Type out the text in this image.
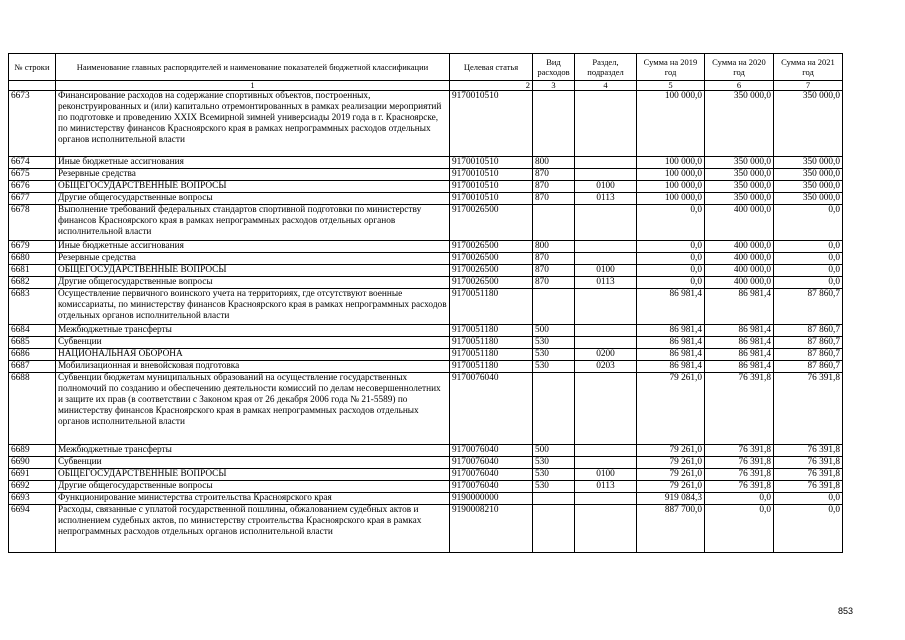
№ строки	Наименование главных распорядителей и наименование показателей бюджетной классификации	Целевая статья	Вид расходов	Раздел, подраздел	Сумма на 2019 год	Сумма на 2020 год	Сумма на 2021 год
	1	2	3	4	5	6	7
6673	Финансирование расходов на содержание спортивных объектов, построенных, реконструированных и (или) капитально отремонтированных в рамках реализации мероприятий по подготовке и проведению XXIX Всемирной зимней универсиады 2019 года в г. Красноярске, по министерству финансов Красноярского края в рамках непрограммных расходов отдельных органов исполнительной власти	9170010510			100 000,0	350 000,0	350 000,0
6674	Иные бюджетные ассигнования	9170010510	800		100 000,0	350 000,0	350 000,0
6675	Резервные средства	9170010510	870		100 000,0	350 000,0	350 000,0
6676	ОБЩЕГОСУДАРСТВЕННЫЕ ВОПРОСЫ	9170010510	870	0100	100 000,0	350 000,0	350 000,0
6677	Другие общегосударственные вопросы	9170010510	870	0113	100 000,0	350 000,0	350 000,0
6678	Выполнение требований федеральных стандартов спортивной подготовки по министерству финансов Красноярского края в рамках непрограммных расходов отдельных органов исполнительной власти	9170026500			0,0	400 000,0	0,0
6679	Иные бюджетные ассигнования	9170026500	800		0,0	400 000,0	0,0
6680	Резервные средства	9170026500	870		0,0	400 000,0	0,0
6681	ОБЩЕГОСУДАРСТВЕННЫЕ ВОПРОСЫ	9170026500	870	0100	0,0	400 000,0	0,0
6682	Другие общегосударственные вопросы	9170026500	870	0113	0,0	400 000,0	0,0
6683	Осуществление первичного воинского учета на территориях, где отсутствуют военные комиссариаты, по министерству финансов Красноярского края в рамках непрограммных расходов отдельных органов исполнительной власти	9170051180			86 981,4	86 981,4	87 860,7
6684	Межбюджетные трансферты	9170051180	500		86 981,4	86 981,4	87 860,7
6685	Субвенции	9170051180	530		86 981,4	86 981,4	87 860,7
6686	НАЦИОНАЛЬНАЯ ОБОРОНА	9170051180	530	0200	86 981,4	86 981,4	87 860,7
6687	Мобилизационная и вневойсковая подготовка	9170051180	530	0203	86 981,4	86 981,4	87 860,7
6688	Субвенции бюджетам муниципальных образований на осуществление государственных полномочий по созданию и обеспечению деятельности комиссий по делам несовершеннолетних и защите их прав (в соответствии с Законом края от 26 декабря 2006 года № 21-5589) по министерству финансов Красноярского края в рамках непрограммных расходов отдельных органов исполнительной власти	9170076040			79 261,0	76 391,8	76 391,8
6689	Межбюджетные трансферты	9170076040	500		79 261,0	76 391,8	76 391,8
6690	Субвенции	9170076040	530		79 261,0	76 391,8	76 391,8
6691	ОБЩЕГОСУДАРСТВЕННЫЕ ВОПРОСЫ	9170076040	530	0100	79 261,0	76 391,8	76 391,8
6692	Другие общегосударственные вопросы	9170076040	530	0113	79 261,0	76 391,8	76 391,8
6693	Функционирование министерства строительства Красноярского края	9190000000			919 084,3	0,0	0,0
6694	Расходы, связанные с уплатой государственной пошлины, обжалованием судебных актов и исполнением судебных актов, по министерству строительства Красноярского края в рамках непрограммных расходов отдельных органов исполнительной власти	9190008210			887 700,0	0,0	0,0
853
